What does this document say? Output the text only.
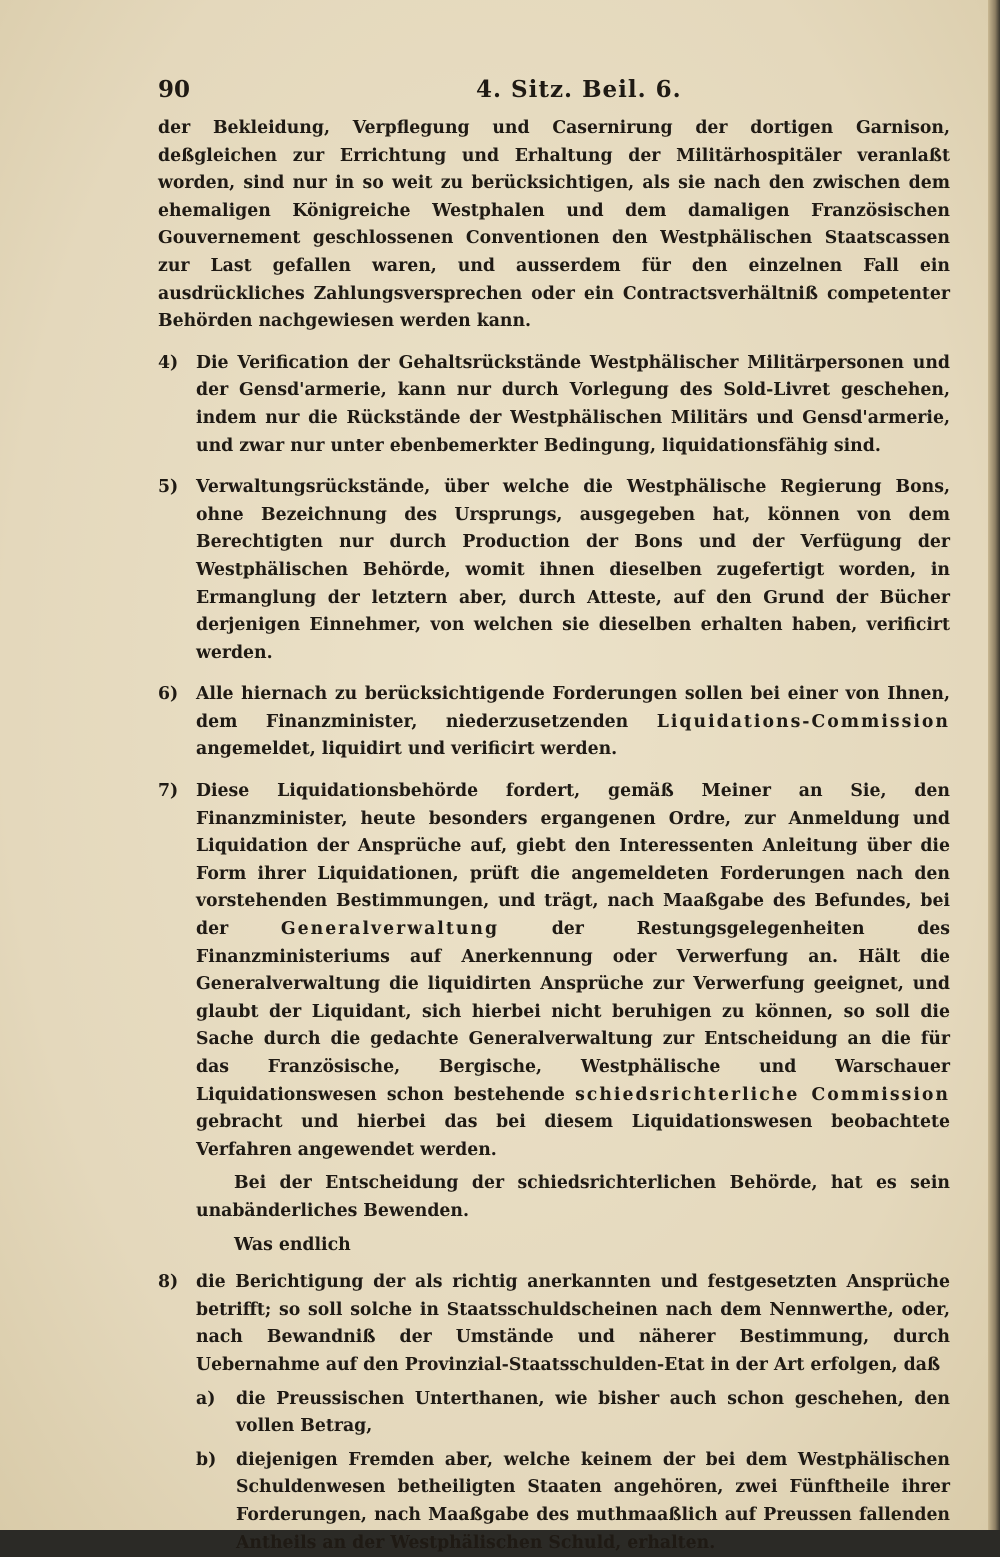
90	4. Sitz. Beil. 6.

der Bekleidung, Verpflegung und Casernirung der dortigen Garnison, deßgleichen zur Errichtung und Erhaltung der Militärhospitäler veranlaßt worden, sind nur in so weit zu berücksichtigen, als sie nach den zwischen dem ehemaligen Königreiche Westphalen und dem damaligen Französischen Gouvernement geschlossenen Conventionen den Westphälischen Staatscassen zur Last gefallen waren, und ausserdem für den einzelnen Fall ein ausdrückliches Zahlungsversprechen oder ein Contractsverhältniß competenter Behörden nachgewiesen werden kann.

4)	Die Verification der Gehaltsrückstände Westphälischer Militärpersonen und der Gensd'armerie, kann nur durch Vorlegung des Sold-Livret geschehen, indem nur die Rückstände der Westphälischen Militärs und Gensd'armerie, und zwar nur unter ebenbemerkter Bedingung, liquidationsfähig sind.
5)	Verwaltungsrückstände, über welche die Westphälische Regierung Bons, ohne Bezeichnung des Ursprungs, ausgegeben hat, können von dem Berechtigten nur durch Production der Bons und der Verfügung der Westphälischen Behörde, womit ihnen dieselben zugefertigt worden, in Ermanglung der letztern aber, durch Atteste, auf den Grund der Bücher derjenigen Einnehmer, von welchen sie dieselben erhalten haben, verificirt werden.
6)	Alle hiernach zu berücksichtigende Forderungen sollen bei einer von Ihnen, dem Finanzminister, niederzusetzenden Liquidations-Commission angemeldet, liquidirt und verificirt werden.
7)	Diese Liquidationsbehörde fordert, gemäß Meiner an Sie, den Finanzminister, heute besonders ergangenen Ordre, zur Anmeldung und Liquidation der Ansprüche auf, giebt den Interessenten Anleitung über die Form ihrer Liquidationen, prüft die angemeldeten Forderungen nach den vorstehenden Bestimmungen, und trägt, nach Maaßgabe des Befundes, bei der Generalverwaltung der Restungsgelegenheiten des Finanzministeriums auf Anerkennung oder Verwerfung an. Hält die Generalverwaltung die liquidirten Ansprüche zur Verwerfung geeignet, und glaubt der Liquidant, sich hierbei nicht beruhigen zu können, so soll die Sache durch die gedachte Generalverwaltung zur Entscheidung an die für das Französische, Bergische, Westphälische und Warschauer Liquidationswesen schon bestehende schiedsrichterliche Commission gebracht und hierbei das bei diesem Liquidationswesen beobachtete Verfahren angewendet werden.

Bei der Entscheidung der schiedsrichterlichen Behörde, hat es sein unabänderliches Bewenden.

Was endlich

8)	die Berichtigung der als richtig anerkannten und festgesetzten Ansprüche betrifft; so soll solche in Staatsschuldscheinen nach dem Nennwerthe, oder, nach Bewandniß der Umstände und näherer Bestimmung, durch Uebernahme auf den Provinzial-Staatsschulden-Etat in der Art erfolgen, daß
a)	die Preussischen Unterthanen, wie bisher auch schon geschehen, den vollen Betrag,
b)	diejenigen Fremden aber, welche keinem der bei dem Westphälischen Schuldenwesen betheiligten Staaten angehören, zwei Fünftheile ihrer Forderungen, nach Maaßgabe des muthmaaßlich auf Preussen fallenden Antheils an der Westphälischen Schuld, erhalten.
